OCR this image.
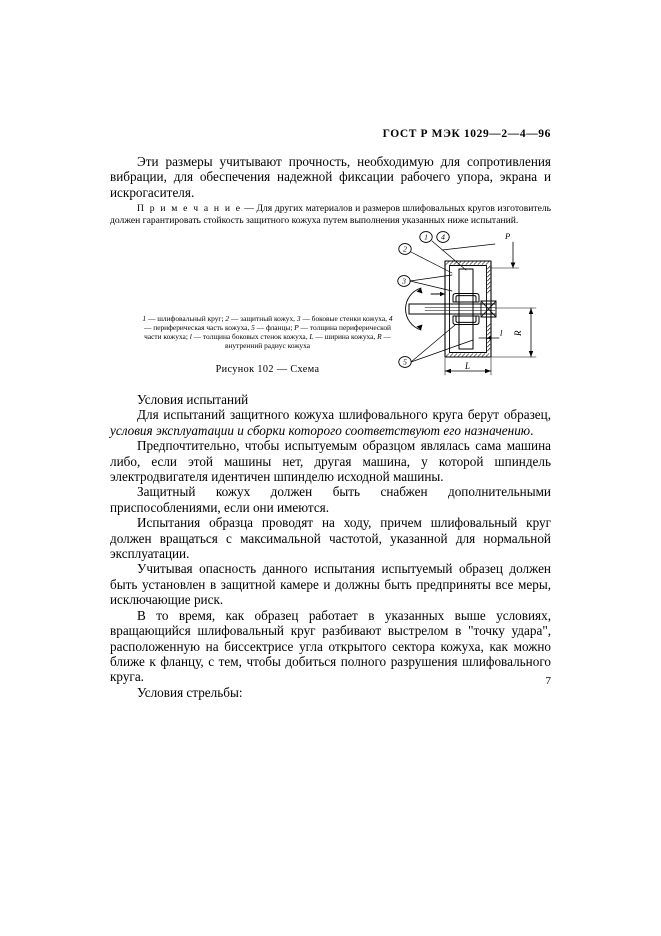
ГОСТ Р МЭК 1029—2—4—96

Эти размеры учитывают прочность, необходимую для сопротивления вибрации, для обеспечения надежной фиксации рабочего упора, экрана и искрогасителя.

П р и м е ч а н и е — Для других материалов и размеров шлифовальных кругов изготовитель должен гарантировать стойкость защитного кожуха путем выполнения указанных ниже испытаний.

1 — шлифовальный круг; 2 — защитный кожух, 3 — боковые стенки кожуха, 4 — периферическая часть кожуха, 5 — фланцы; P — толщина периферической части кожуха; l — толщина боковых стенок кожуха, L — ширина кожуха, R — внутренний радиус кожуха
Рисунок 102 — Схема
P
l R
L
1 4
2
3
5

Условия испытаний

Для испытаний защитного кожуха шлифовального круга берут образец, условия эксплуатации и сборки которого соответствуют его назначению.

Предпочтительно, чтобы испытуемым образцом являлась сама машина либо, если этой машины нет, другая машина, у которой шпиндель электродвигателя идентичен шпинделю исходной машины.

Защитный кожух должен быть снабжен дополнительными приспособлениями, если они имеются.

Испытания образца проводят на ходу, причем шлифовальный круг должен вращаться с максимальной частотой, указанной для нормальной эксплуатации.

Учитывая опасность данного испытания испытуемый образец должен быть установлен в защитной камере и должны быть предприняты все меры, исключающие риск.

В то время, как образец работает в указанных выше условиях, вращающийся шлифовальный круг разбивают выстрелом в "точку удара", расположенную на биссектрисе угла открытого сектора кожуха, как можно ближе к фланцу, с тем, чтобы добиться полного разрушения шлифовального круга.

Условия стрельбы:

7
